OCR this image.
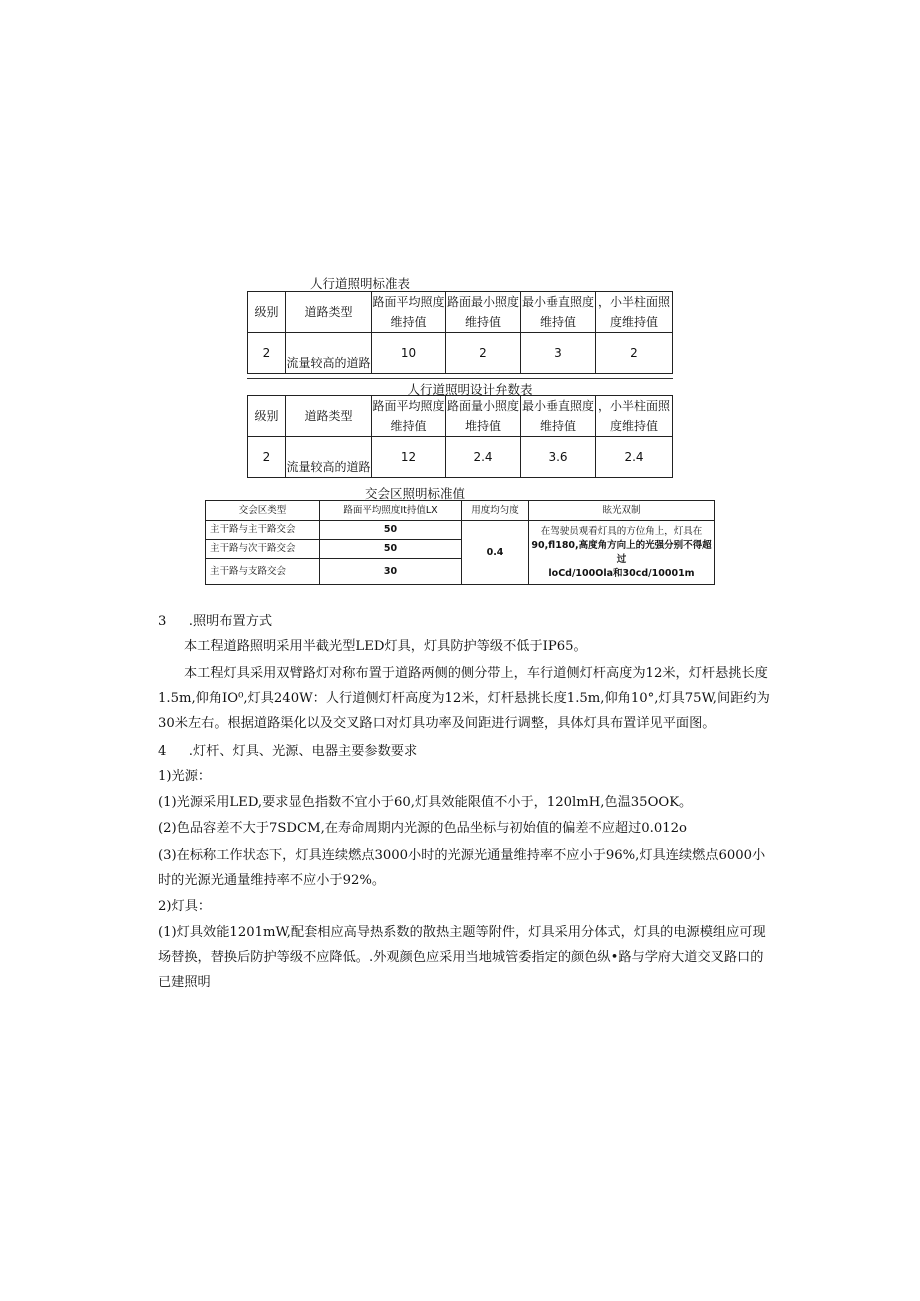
人行道照明标准表
级别	道路类型	路面平均照度维持值	路面最小照度维持值	最小垂直照度维持值	，小半柱面照度维持值
2	流量较高的道路	10	2	3	2
人行道照明设计弁数表
级别	道路类型	路面平均照度维持值	路面量小照度堆持值	最小垂直照度维持值	，小半柱面照度维持值
2	流量较高的道路	12	2.4	3.6	2.4
交会区照明标准值
交会区类型	路面平均照度It持值LX	用度均匀度	眩光双制
主干路与主干路交会	50	0.4	在驾驶员观看灯具的方位角上，灯具在
90,fl180,高度角方向上的光强分别不得超过
loCd/100Ola和30cd/10001m

主干路与次干路交会	50		
主干路与支路交会	30		
3 .照明布置方式
本工程道路照明采用半截光型LED灯具，灯具防护等级不低于IP65。
本工程灯具采用双臂路灯对称布置于道路两侧的侧分带上，车行道侧灯杆高度为12米，灯杆悬挑长度1.5m,仰角IO⁰,灯具240W：人行道侧灯杆高度为12米，灯杆悬挑长度1.5m,仰角10°,灯具75W,间距约为30米左右。根据道路渠化以及交叉路口对灯具功率及间距进行调整，具体灯具布置详见平面图。
4 .灯杆、灯具、光源、电器主要参数要求
1)光源：
(1)光源采用LED,要求显色指数不宜小于60,灯具效能限值不小于，120lmH,色温35OOK。
(2)色品容差不大于7SDCM,在寿命周期内光源的色品坐标与初始值的偏差不应超过0.012o
(3)在标称工作状态下，灯具连续燃点3000小时的光源光通量维持率不应小于96%,灯具连续燃点6000小时的光源光通量维持率不应小于92%。
2)灯具：
(1)灯具效能1201mW,配套相应高导热系数的散热主题等附件，灯具采用分体式，灯具的电源模组应可现场替换，替换后防护等级不应降低。.外观颜色应采用当地城管委指定的颜色纵•路与学府大道交叉路口的已建照明
